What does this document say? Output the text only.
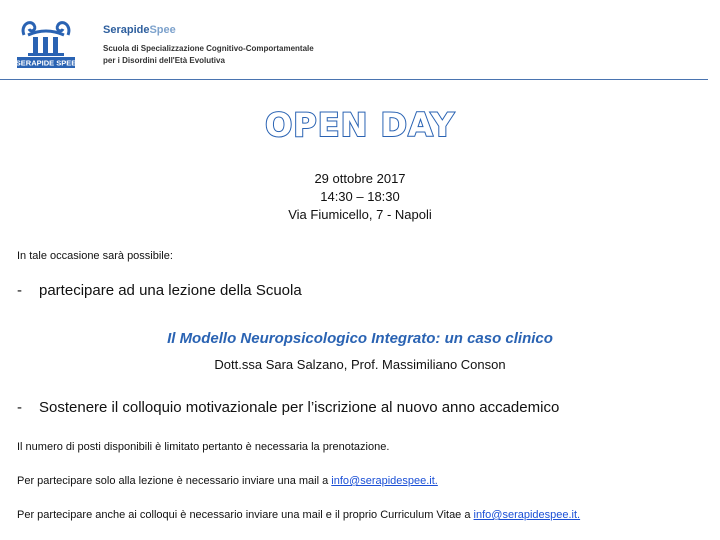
SERAPIDE SPEE
SerapideSpee
Scuola di Specializzazione Cognitivo-Comportamentale
per i Disordini dell'Età Evolutiva
OPEN DAY
29 ottobre 2017
14:30 – 18:30
Via Fiumicello, 7 - Napoli
In tale occasione sarà possibile:
- partecipare ad una lezione della Scuola
Il Modello Neuropsicologico Integrato: un caso clinico
Dott.ssa Sara Salzano, Prof. Massimiliano Conson
- Sostenere il colloquio motivazionale per l’iscrizione al nuovo anno accademico
Il numero di posti disponibili è limitato pertanto è necessaria la prenotazione.
Per partecipare solo alla lezione è necessario inviare una mail a info@serapidespee.it.
Per partecipare anche ai colloqui è necessario inviare una mail e il proprio Curriculum Vitae a info@serapidespee.it.
